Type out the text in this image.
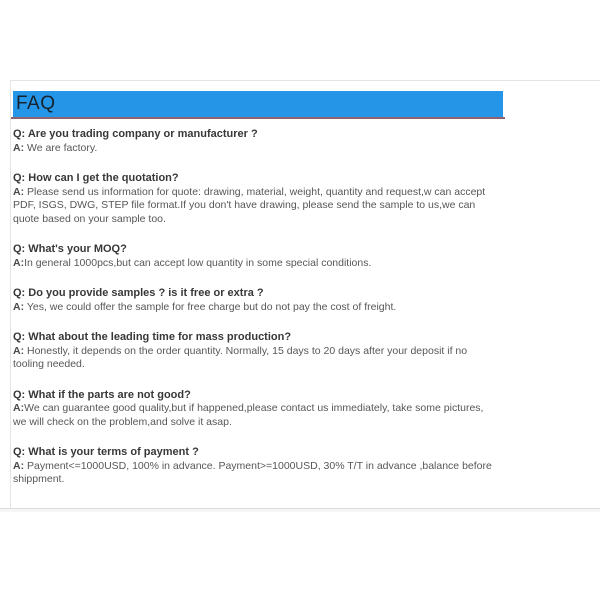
FAQ
Q: Are you trading company or manufacturer ?
A: We are factory.
Q: How can I get the quotation?
A: Please send us information for quote: drawing, material, weight, quantity and request,w can accept PDF, ISGS, DWG, STEP file format.If you don't have drawing, please send the sample to us,we can quote based on your sample too.
Q: What's your MOQ?
A:In general 1000pcs,but can accept low quantity in some special conditions.
Q: Do you provide samples ? is it free or extra ?
A: Yes, we could offer the sample for free charge but do not pay the cost of freight.
Q: What about the leading time for mass production?
A: Honestly, it depends on the order quantity. Normally, 15 days to 20 days after your deposit if no tooling needed.
Q: What if the parts are not good?
A:We can guarantee good quality,but if happened,please contact us immediately, take some pictures, we will check on the problem,and solve it asap.
Q: What is your terms of payment ?
A: Payment<=1000USD, 100% in advance. Payment>=1000USD, 30% T/T in advance ,balance before shippment.
